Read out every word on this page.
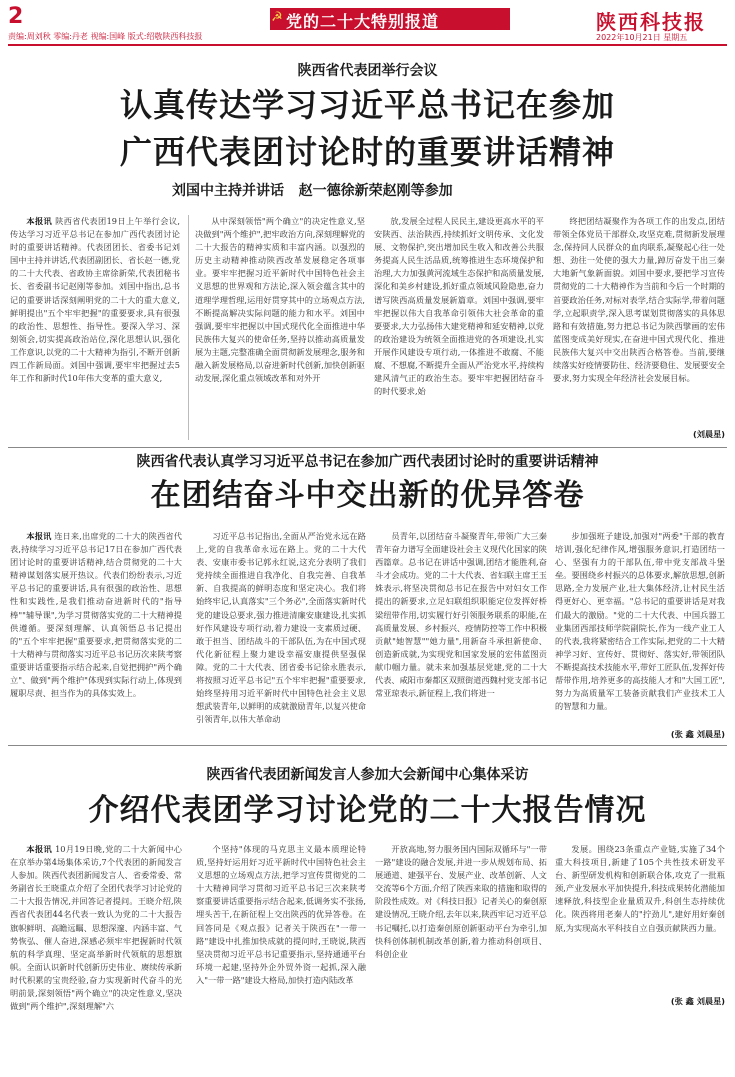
2
责编:周刘秋 零编:丹老 视编:国峰 版式:绍敬陕西科技报
☭ 党的二十大特别报道	陕西科技报
2022年10月21日 星期五
陕西省代表团举行会议
认真传达学习习近平总书记在参加
广西代表团讨论时的重要讲话精神
刘国中主持并讲话   赵一德徐新荣赵刚等参加

本报讯 陕西省代表团19日上午举行会议,传达学习习近平总书记在参加广西代表团讨论时的重要讲话精神。代表团团长、省委书记刘国中主持并讲话,代表团副团长、省长赵一德,党的二十大代表、省政协主席徐新荣,代表团秘书长、省委副书记赵刚等参加。刘国中指出,总书记的重要讲话深刻阐明党的二十大的重大意义,鲜明提出"五个牢牢把握"的重要要求,具有很强的政治性、思想性、指导性。要深入学习、深刻领会,切实提高政治站位,深化思想认识,强化工作意识,以党的二十大精神为指引,不断开创新四工作新局面。刘国中强调,要牢牢把握过去5年工作和新时代10年伟大变革的重大意义,

从中深刻领悟"两个确立"的决定性意义,坚决做到"两个维护",把牢政治方向,深刻理解党的二十大报告的精神实质和丰富内涵。以强烈的历史主动精神推动陕西改革发展稳定各项事业。要牢牢把握习近平新时代中国特色社会主义思想的世界观和方法论,深入领会蕴含其中的道理学理哲理,运用好贯穿其中的立场观点方法,不断提高解决实际问题的能力和水平。刘国中强调,要牢牢把握以中国式现代化全面推进中华民族伟大复兴的使命任务,坚持以推动高质量发展为主题,完整准确全面贯彻新发展理念,服务和融入新发展格局,以奋进新时代创新,加快创新驱动发展,深化重点领域改革和对外开

放,发展全过程人民民主,建设更高水平的平安陕西、法治陕西,持续抓好文明传承、文化发展、文物保护,突出增加民生收入和改善公共服务提高人民生活品质,统筹推进生态环境保护和治理,大力加强黄河流域生态保护和高质量发展,深化和美乡村建设,抓好重点领域风险隐患,奋力谱写陕西高质量发展新篇章。刘国中强调,要牢牢把握以伟大自我革命引领伟大社会革命的重要要求,大力弘扬伟大建党精神和延安精神,以党的政治建设为统领全面推进党的各项建设,扎实开展作风建设专项行动,一体推进不敢腐、不能腐、不想腐,不断提升全面从严治党水平,持续构建风清气正的政治生态。要牢牢把握团结奋斗的时代要求,始

终把团结凝聚作为各项工作的出发点,团结带领全体党员干部群众,攻坚克难,贯彻新发展理念,保持同人民群众的血肉联系,凝聚起心往一处想、劲往一处使的强大力量,踔厉奋发干出三秦大地新气象新面貌。刘国中要求,要把学习宣传贯彻党的二十大精神作为当前和今后一个时期的首要政治任务,对标对表学,结合实际学,带着问题学,立起职责学,深入思考谋划贯彻落实的具体思路和有效措施,努力把总书记为陕西擘画的宏伟蓝图变成美好现实,在奋进中国式现代化、推进民族伟大复兴中交出陕西合格答卷。当前,要继续落实好疫情要防住、经济要稳住、发展要安全要求,努力实现全年经济社会发展目标。

(刘晨星)
陕西省代表认真学习习近平总书记在参加广西代表团讨论时的重要讲话精神
在团结奋斗中交出新的优异答卷

本报讯 连日来,出席党的二十大的陕西省代表,持续学习习近平总书记17日在参加广西代表团讨论时的重要讲话精神,结合贯彻党的二十大精神谋划落实展开热议。代表们纷纷表示,习近平总书记的重要讲话,具有很强的政治性、思想性和实践性,是我们推动奋进新时代的"指导棒""辅导课",为学习贯彻落实党的二十大精神提供遵循。要深刻理解、认真领悟总书记提出的"五个牢牢把握"重要要求,把贯彻落实党的二十大精神与贯彻落实习近平总书记历次来陕考察重要讲话重要指示结合起来,自觉把拥护"两个确立"、做到"两个维护"体现到实际行动上,体现到履职尽责、担当作为的具体实效上。

习近平总书记指出,全面从严治党永远在路上,党的自我革命永远在路上。党的二十大代表、安康市委书记郭永红说,这充分表明了我们党持续全面推进自我净化、自我完善、自我革新、自我提高的鲜明态度和坚定决心。我们将始终牢记,认真落实"三个务必",全面落实新时代党的建设总要求,强力推进清廉安康建设,扎实抓好作风建设专项行动,着力建设一支素质过硬、敢于担当、团结战斗的干部队伍,为在中国式现代化新征程上聚力建设幸福安康提供坚强保障。党的二十大代表、团省委书记徐永胜表示,将按照习近平总书记"五个牢牢把握"重要要求,始终坚持用习近平新时代中国特色社会主义思想武装青年,以鲜明的成就激励青年,以复兴使命引领青年,以伟大革命动

员青年,以团结奋斗凝聚青年,带领广大三秦青年奋力谱写全面建设社会主义现代化国家的陕西篇章。总书记在讲话中强调,团结才能胜利,奋斗才会成功。党的二十大代表、省妇联主席王玉姝表示,将坚决贯彻总书记在报告中对妇女工作提出的新要求,立足妇联组织职能定位发挥好桥梁纽带作用,切实履行好引领服务联系的职能,在高质量发展、乡村振兴、疫情防控等工作中积极贡献"她智慧""她力量",用新奋斗承担新使命、创造新成就,为实现党和国家发展的宏伟蓝图贡献巾帼力量。就未来加强基层党建,党的二十大代表、咸阳市秦都区双照街道西魏村党支部书记常亚琼表示,新征程上,我们将进一

步加强班子建设,加强对"两委"干部的教育培训,强化纪律作风,增强服务意识,打造团结一心、坚强有力的干部队伍,带中党支部战斗堡垒。要围绕乡村振兴的总体要求,解放思想,创新思路,全力发展产业,壮大集体经济,让村民生活得更好心、更幸福。"总书记的重要讲话是对我们最大的激励。"党的二十大代表、中国兵器工业集团西部技师学院副院长,作为一线产业工人的代表,我将紧密结合工作实际,把党的二十大精神学习好、宣传好、贯彻好、落实好,带领团队不断提高技术技能水平,带好工匠队伍,发挥好传帮带作用,培养更多的高技能人才和"大国工匠",努力为高质量军工装备贡献我们产业技术工人的智慧和力量。

(张 鑫 刘晨星)
陕西省代表团新闻发言人参加大会新闻中心集体采访
介绍代表团学习讨论党的二十大报告情况

本报讯 10月19日晚,党的二十大新闻中心在京举办第4场集体采访,7个代表团的新闻发言人参加。陕西代表团新闻发言人、省委常委、常务副省长王晓重点介绍了全团代表学习讨论党的二十大报告情况,并回答记者提问。王晓介绍,陕西省代表团44名代表一致认为党的二十大报告旗帜鲜明、高瞻远瞩、思想深邃、内涵丰富、气势恢弘、催人奋进,深感必须牢牢把握新时代领航的科学真理、坚定高举新时代领航的思想旗帜。全面认识新时代创新历史伟业、赓续传承新时代积累的宝贵经验,奋力实现新时代奋斗的光明前景,深刻领悟"两个确立"的决定性意义,坚决做到"两个维护",深刻理解"六

个坚持"体现的马克思主义最本质理论特质,坚持好运用好习近平新时代中国特色社会主义思想的立场观点方法,把学习宣传贯彻党的二十大精神同学习贯彻习近平总书记三次来陕考察重要讲话重要指示结合起来,低调务实不张扬,埋头苦干,在新征程上交出陕西的优异答卷。在回答同是《观点报》记者关于陕西在"一带一路"建设中扎推加快成就的提问时,王晓说,陕西坚决贯彻习近平总书记重要指示,坚持通通平台环境一起建,坚持外企外贸外资一起抓,深入融入"一带一路"建设大格局,加快打造内陆改革

开放高地,努力服务国内国际双循环与"一带一路"建设的融合发展,并进一步从规划布局、拓展通道、建强平台、发展产业、改革创新、人文交流等6个方面,介绍了陕西来取的措施和取得的阶段性成效。对《科技日报》记者关心的秦创原建设情况,王晓介绍,去年以来,陕西牢记习近平总书记嘱托,以打造秦创原创新驱动平台为牵引,加快科创体制机制改革创新,着力推动科创项目、科创企业

发展。围绕23条重点产业链,实施了34个重大科技项目,新建了105个共性技术研发平台、新型研发机构和创新联合体,攻克了一批瓶颈,产业发展水平加快提升,科技成果转化潜能加速释放,科技型企业量质双升,科创生态持续优化。陕西将用老秦人的"拧劲儿",建好用好秦创原,为实现高水平科技自立自强贡献陕西力量。

(张 鑫 刘晨星)
